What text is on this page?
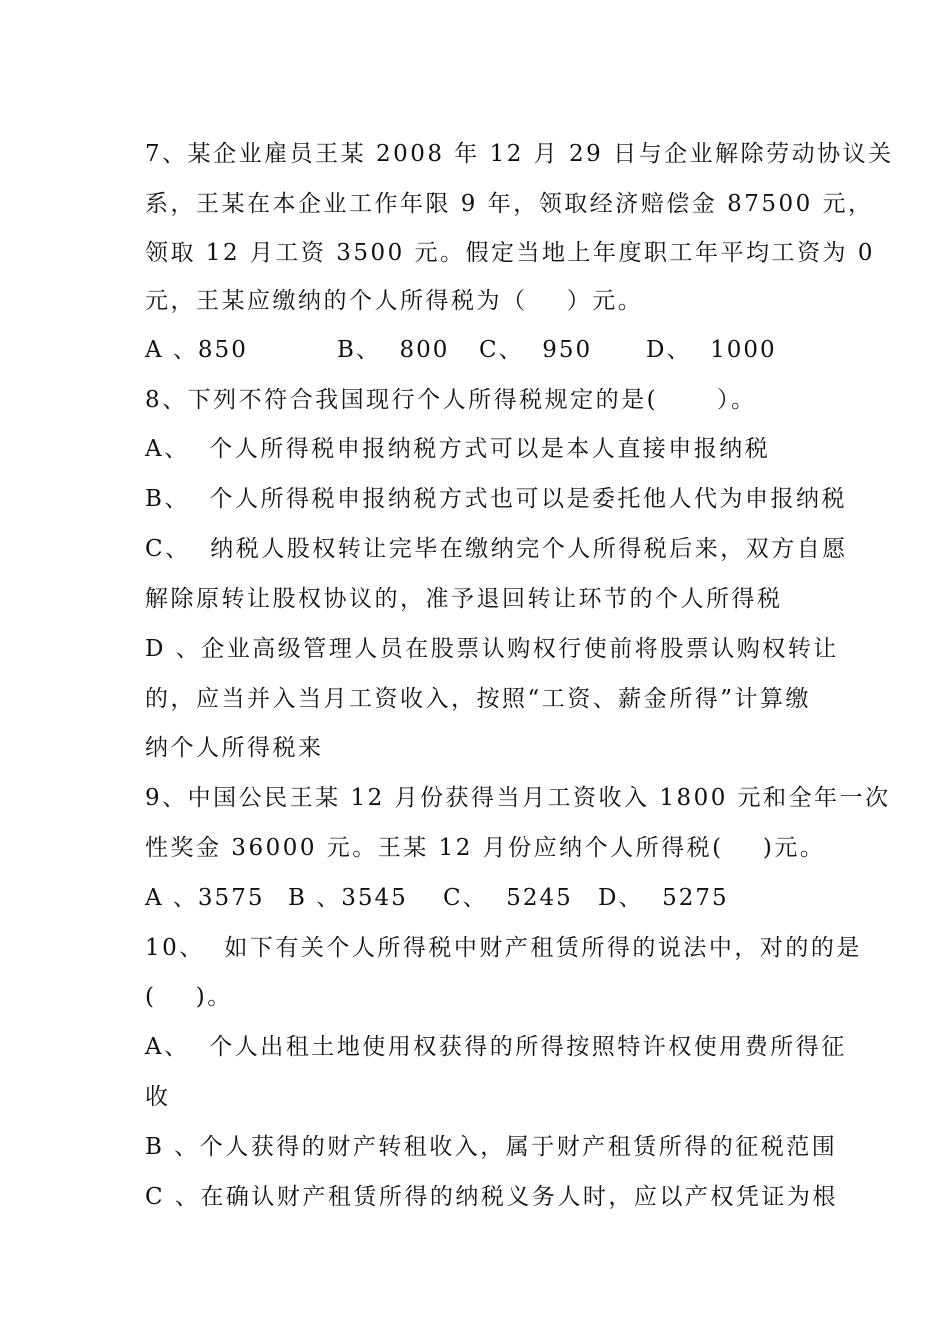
7、某企业雇员王某 2008 年 12 月 29 日与企业解除劳动协议关
系，王某在本企业工作年限 9 年，领取经济赔偿金 87500 元，
领取 12 月工资 3500 元。假定当地上年度职工年平均工资为 0
元，王某应缴纳的个人所得税为（    ）元。
A 、850	B、  800 C、  950 D、  1000
8、下列不符合我国现行个人所得税规定的是(      ）。
A、  个人所得税申报纳税方式可以是本人直接申报纳税
B、  个人所得税申报纳税方式也可以是委托他人代为申报纳税
C、  纳税人股权转让完毕在缴纳完个人所得税后来，双方自愿
解除原转让股权协议的，准予退回转让环节的个人所得税
D 、企业高级管理人员在股票认购权行使前将股票认购权转让
的，应当并入当月工资收入，按照“工资、薪金所得”计算缴
纳个人所得税来
9、中国公民王某 12 月份获得当月工资收入 1800 元和全年一次
性奖金 36000 元。王某 12 月份应纳个人所得税(    )元。
A 、3575 B 、3545 C、  5245 D、  5275
10、  如下有关个人所得税中财产租赁所得的说法中，对的的是
(    )。
A、  个人出租土地使用权获得的所得按照特许权使用费所得征
收
B 、个人获得的财产转租收入，属于财产租赁所得的征税范围
C 、在确认财产租赁所得的纳税义务人时，应以产权凭证为根
